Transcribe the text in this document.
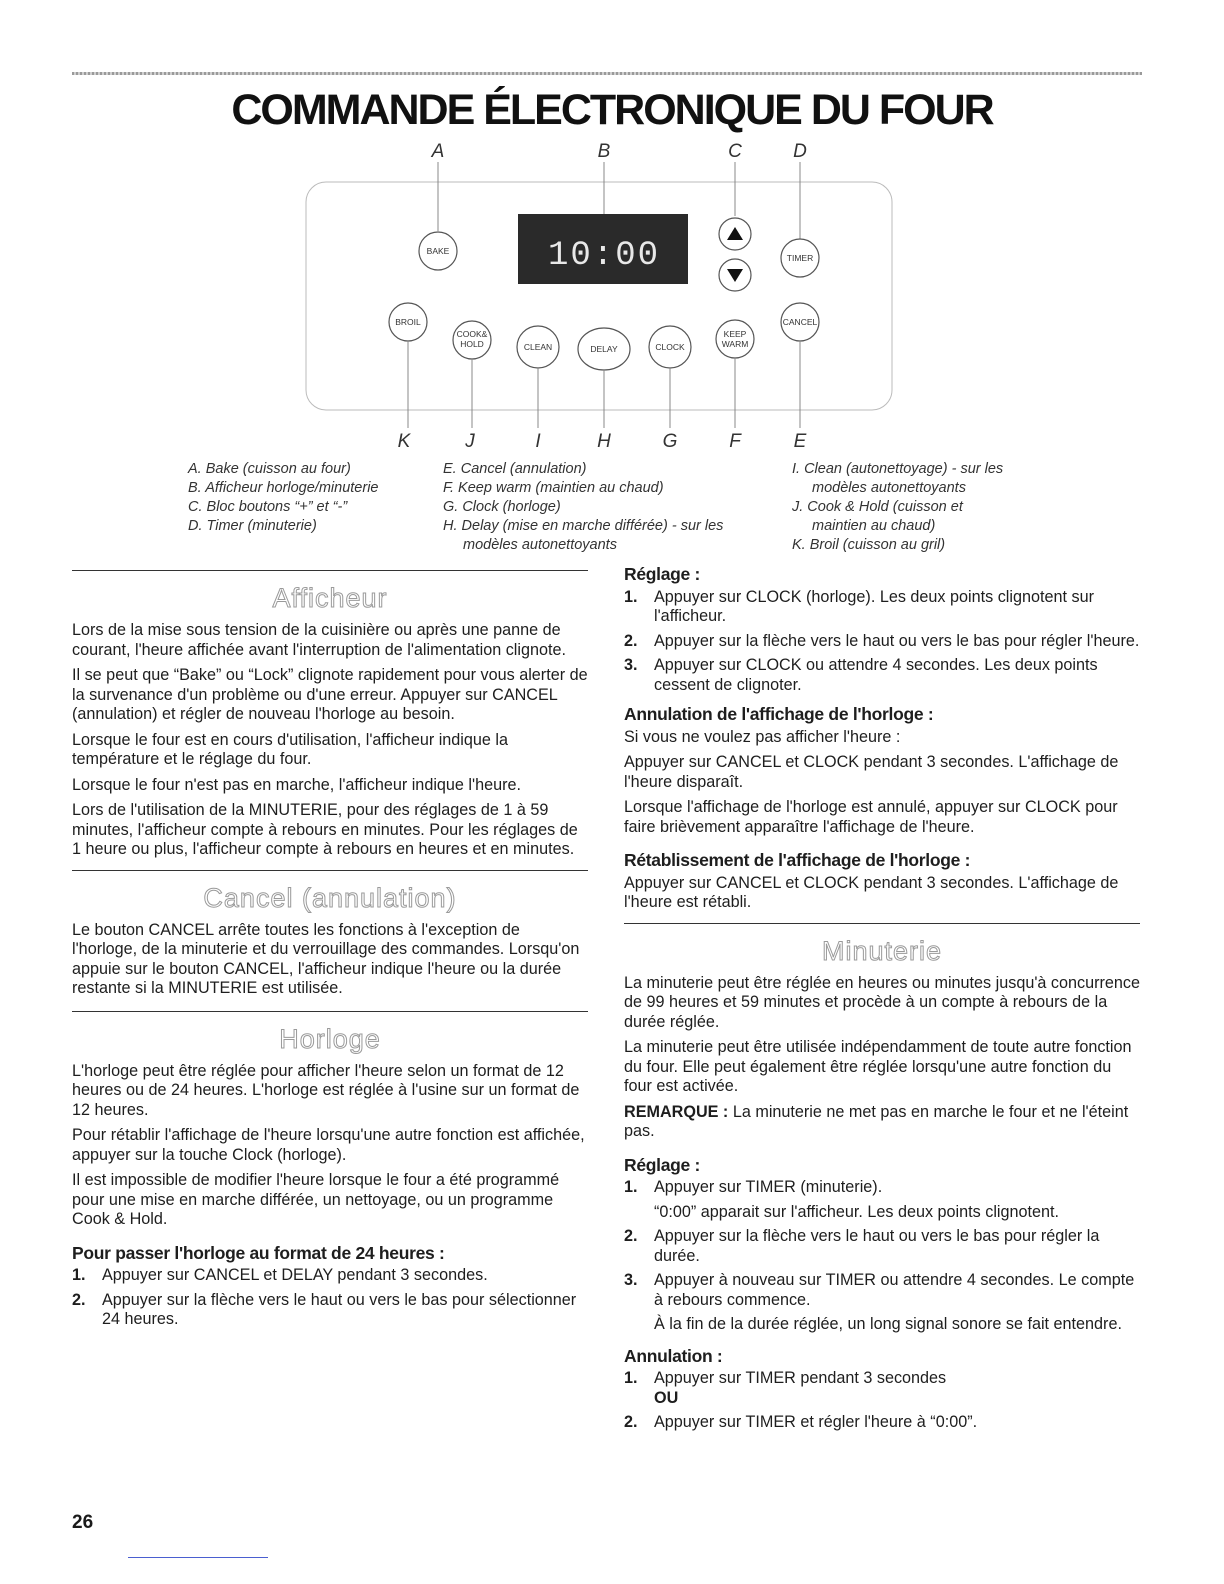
COMMANDE ÉLECTRONIQUE DU FOUR
A	B	C	D
10:00
BAKE
TIMER
BROIL
COOK&
HOLD	CLEAN	DELAY	CLOCK
KEEP
WARM
CANCEL
K	J	I	H	G	F	E
A. Bake (cuisson au four)
B. Afficheur horloge/minuterie
C. Bloc boutons “+” et “-”
D. Timer (minuterie)
E. Cancel (annulation)
F. Keep warm (maintien au chaud)
G. Clock (horloge)
H. Delay (mise en marche différée) - sur les
modèles autonettoyants
I. Clean (autonettoyage) - sur les
modèles autonettoyants
J. Cook & Hold (cuisson et
maintien au chaud)
K. Broil (cuisson au gril)
Afficheur

Lors de la mise sous tension de la cuisinière ou après une panne de courant, l'heure affichée avant l'interruption de l'alimentation clignote.

Il se peut que “Bake” ou “Lock” clignote rapidement pour vous alerter de la survenance d'un problème ou d'une erreur. Appuyer sur CANCEL (annulation) et régler de nouveau l'horloge au besoin.

Lorsque le four est en cours d'utilisation, l'afficheur indique la température et le réglage du four.

Lorsque le four n'est pas en marche, l'afficheur indique l'heure.

Lors de l'utilisation de la MINUTERIE, pour des réglages de 1 à 59 minutes, l'afficheur compte à rebours en minutes. Pour les réglages de 1 heure ou plus, l'afficheur compte à rebours en heures et en minutes.

Cancel (annulation)

Le bouton CANCEL arrête toutes les fonctions à l'exception de l'horloge, de la minuterie et du verrouillage des commandes. Lorsqu'on appuie sur le bouton CANCEL, l'afficheur indique l'heure ou la durée restante si la MINUTERIE est utilisée.

Horloge

L'horloge peut être réglée pour afficher l'heure selon un format de 12 heures ou de 24 heures. L'horloge est réglée à l'usine sur un format de 12 heures.

Pour rétablir l'affichage de l'heure lorsqu'une autre fonction est affichée, appuyer sur la touche Clock (horloge).

Il est impossible de modifier l'heure lorsque le four a été programmé pour une mise en marche différée, un nettoyage, ou un programme Cook & Hold.

Pour passer l'horloge au format de 24 heures :
1. Appuyer sur CANCEL et DELAY pendant 3 secondes.
2. Appuyer sur la flèche vers le haut ou vers le bas pour sélectionner 24 heures.
Réglage :
1. Appuyer sur CLOCK (horloge). Les deux points clignotent sur l'afficheur.
2. Appuyer sur la flèche vers le haut ou vers le bas pour régler l'heure.
3. Appuyer sur CLOCK ou attendre 4 secondes. Les deux points cessent de clignoter.
Annulation de l'affichage de l'horloge :

Si vous ne voulez pas afficher l'heure :

Appuyer sur CANCEL et CLOCK pendant 3 secondes. L'affichage de l'heure disparaît.

Lorsque l'affichage de l'horloge est annulé, appuyer sur CLOCK pour faire brièvement apparaître l'affichage de l'heure.

Rétablissement de l'affichage de l'horloge :

Appuyer sur CANCEL et CLOCK pendant 3 secondes. L'affichage de l'heure est rétabli.

Minuterie

La minuterie peut être réglée en heures ou minutes jusqu'à concurrence de 99 heures et 59 minutes et procède à un compte à rebours de la durée réglée.

La minuterie peut être utilisée indépendamment de toute autre fonction du four. Elle peut également être réglée lorsqu'une autre fonction du four est activée.

REMARQUE : La minuterie ne met pas en marche le four et ne l'éteint pas.

Réglage :
1. Appuyer sur TIMER (minuterie).
“0:00” apparait sur l'afficheur. Les deux points clignotent.
2. Appuyer sur la flèche vers le haut ou vers le bas pour régler la durée.
3. Appuyer à nouveau sur TIMER ou attendre 4 secondes. Le compte à rebours commence.
À la fin de la durée réglée, un long signal sonore se fait entendre.
Annulation :
1. Appuyer sur TIMER pendant 3 secondes
OU
2. Appuyer sur TIMER et régler l'heure à “0:00”.
26
